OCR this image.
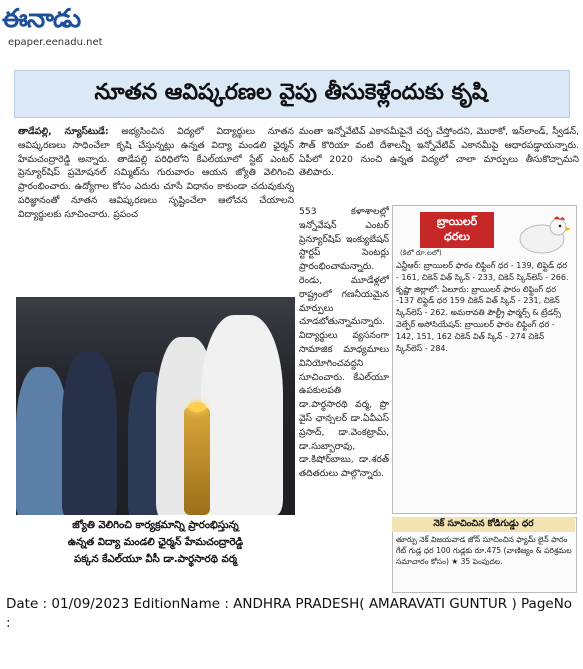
ఈనాడు
epaper.eenadu.net
నూతన ఆవిష్కరణల వైపు తీసుకెళ్లేందుకు కృషి
తాడేపల్లి, న్యూస్‌టుడే: అభ్యసించిన విద్యలో విద్యార్థులు నూతన ఆవిష్కరణలు సాధించేలా కృషి చేస్తున్నట్లు ఉన్నత విద్యా మండలి ఛైర్మన్ హేమచంద్రారెడ్డి అన్నారు. తాడేపల్లి పరిధిలోని కేఎల్‌యూలో స్టేట్ ఎంటర్ ప్రెన్యూర్‌షిప్ ప్రమోషనల్ సమ్మిట్‌ను గురువారం ఆయన జ్యోతి వెలిగించి ప్రారంభించారు. ఉద్యోగాల కోసం ఎదురు చూసే విధానం కాకుండా చదువుకున్న పరిజ్ఞానంతో నూతన ఆవిష్కరణలు సృష్టించేలా ఆలోచన చేయాలని విద్యార్థులకు సూచించారు. ప్రపంచ
మంతా ఇన్నోవేటివ్ ఎకానమీపైనే చర్చ చేస్తోందని, మొరాకో, ఇన్‌లాండ్, స్వీడన్, సౌత్ కొరియా వంటి దేశాలన్నీ ఇన్నోవేటివ్ ఎకానమీపై ఆధారపడ్డాయన్నారు. ఏపీలో 2020 నుంచి ఉన్నత విద్యలో చాలా మార్పులు తీసుకొచ్చామని తెలిపారు.
553 కళాశాలల్లో ఇన్నోవేషన్ ఎంటర్ ప్రెన్యూర్‌షిప్ ఇంక్యుబేషన్ స్టార్టప్ సెంటర్లు ప్రారంభించామన్నారు. రెండు, మూడేళ్లలో రాష్ట్రంలో గణనీయమైన మార్పులు చూడబోతున్నామన్నారు. విద్యార్థులు వ్యసనంగా సామాజిక మాధ్యమాలు వినియోగించవద్దని సూచించారు. కేఎల్‌యూ ఉపకులపతి డా.పార్థసారథి వర్మ, ప్రొ వైస్ ఛాన్సలర్ డా.ఏవీఎస్ ప్రసాద్, డా.వెంకట్రామ్, డా.సుబ్బారావు, డా.కిషోర్‌బాబు, డా.శరత్ తదితరులు పాల్గొన్నారు.
జ్యోతి వెలిగించి కార్యక్రమాన్ని ప్రారంభిస్తున్న
ఉన్నత విద్యా మండలి ఛైర్మన్ హేమచంద్రారెడ్డి
పక్కన కేఎల్‌యూ వీసీ డా.పార్థసారథి వర్మ
బ్రాయిలర్
ధరలు
(కిలో రూ.లలో)
ఎన్టీఆర్: బ్రాయిలర్ ఫారం లిఫ్టింగ్ ధర - 139, లిఫ్టెడ్ ధర - 161, చికెన్ విత్ స్కిన్ - 233, చికెన్ స్కిన్‌లెస్ - 266. కృష్ణా జిల్లాలో: ఏలూరు: బ్రాయిలర్ ఫారం లిఫ్టింగ్ ధర -137 లిఫ్టెడ్ ధర 159 చికెన్ విత్ స్కిన్ - 231, చికెన్ స్కిన్‌లెస్ - 262. అమరావతి పౌల్ట్రీ ఫార్మర్స్ & ట్రేడర్స్ వెల్ఫేర్ అసోసియేషన్: బ్రాయిలర్ ఫారం లిఫ్టింగ్ ధర - 142, 151, 162 చికెన్ విత్ స్కిన్ - 274 చికెన్ స్కిన్‌లెస్ - 284.
నెక్ సూచించిన కోడిగుడ్డు ధర
తూర్పు నెక్ విజయవాడ జోన్ సూచించిన ఫ్యామ్ లైన్ పారం గేట్ గుడ్ల ధర 100 గుడ్లకు రూ.475 (వాణిజ్యం & పరిశ్రమల సమాచారం కోసం) ★ 35 పెంపుదల.
Date : 01/09/2023 EditionName : ANDHRA PRADESH( AMARAVATI GUNTUR ) PageNo :
